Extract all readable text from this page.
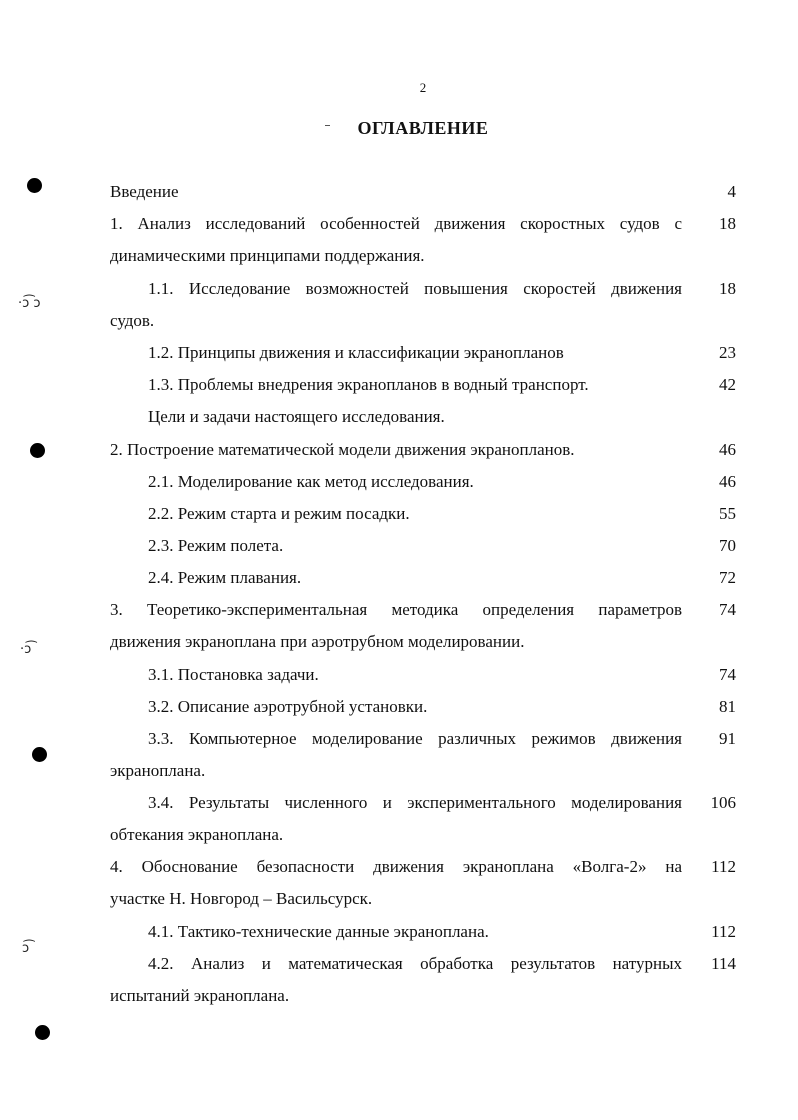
2
ОГЛАВЛЕНИЕ
Введение	4
1. Анализ исследований особенностей движения скоростных судов с	18
динамическими принципами поддержания.
1.1. Исследование возможностей повышения скоростей движения	18
судов.
1.2. Принципы движения и классификации экранопланов	23
1.3. Проблемы внедрения экранопланов в водный транспорт.	42
Цели и задачи настоящего исследования.
2. Построение математической модели движения экранопланов.	46
2.1. Моделирование как метод исследования.	46
2.2. Режим старта и режим посадки.	55
2.3. Режим полета.	70
2.4. Режим плавания.	72
3. Теоретико-экспериментальная методика определения параметров	74
движения экраноплана при аэротрубном моделировании.
3.1. Постановка задачи.	74
3.2. Описание аэротрубной установки.	81
3.3. Компьютерное моделирование различных режимов движения	91
экраноплана.
3.4. Результаты численного и экспериментального моделирования	106
обтекания экраноплана.
4. Обоснование безопасности движения экраноплана «Волга-2» на	112
участке Н. Новгород – Васильсурск.
4.1. Тактико-технические данные экраноплана.	112
4.2. Анализ и математическая обработка результатов натурных	114
испытаний экраноплана.
·ɔ͡ ɔ
·ɔ͡
ɔ͡
